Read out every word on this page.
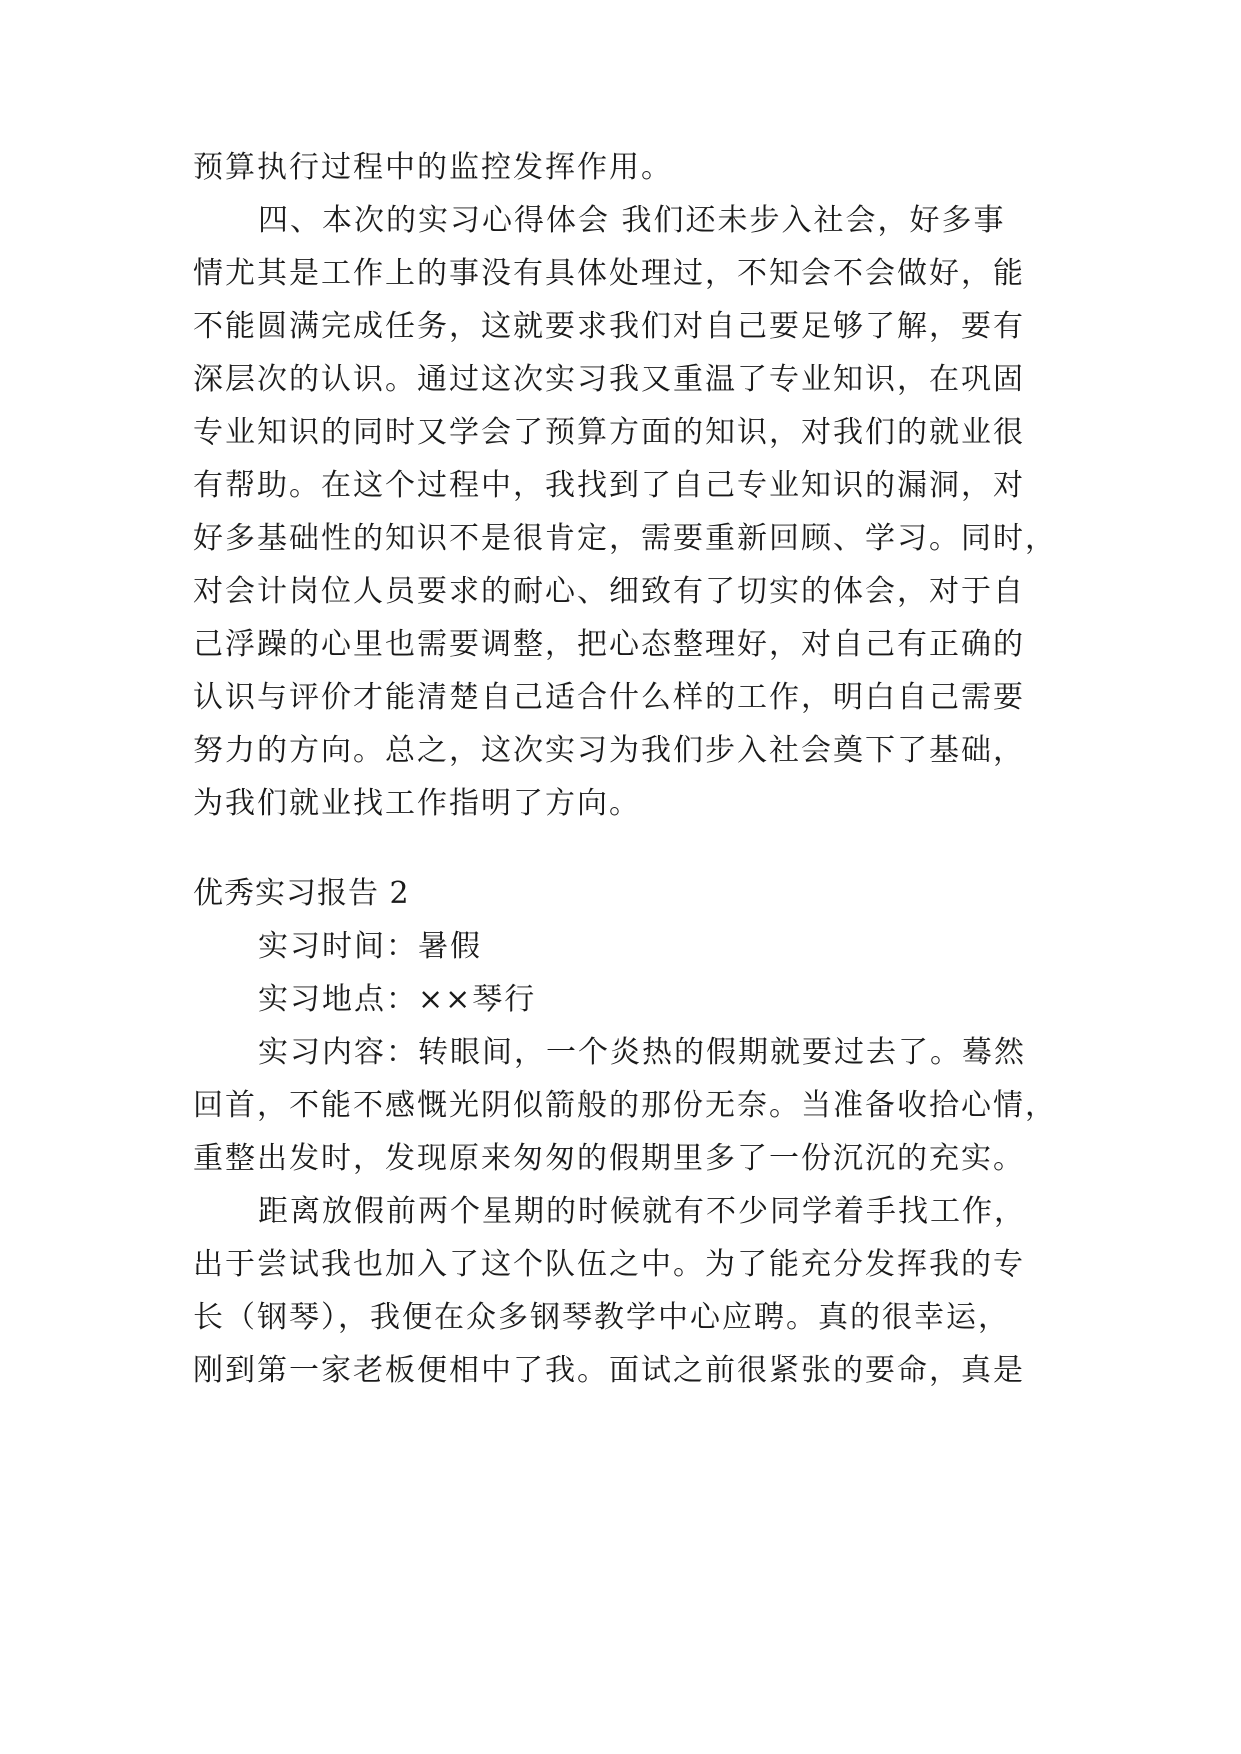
预算执行过程中的监控发挥作用。
四、本次的实习心得体会 我们还未步入社会，好多事
情尤其是工作上的事没有具体处理过，不知会不会做好，能
不能圆满完成任务，这就要求我们对自己要足够了解，要有
深层次的认识。通过这次实习我又重温了专业知识，在巩固
专业知识的同时又学会了预算方面的知识，对我们的就业很
有帮助。在这个过程中，我找到了自己专业知识的漏洞，对
好多基础性的知识不是很肯定，需要重新回顾、学习。同时，
对会计岗位人员要求的耐心、细致有了切实的体会，对于自
己浮躁的心里也需要调整，把心态整理好，对自己有正确的
认识与评价才能清楚自己适合什么样的工作，明白自己需要
努力的方向。总之，这次实习为我们步入社会奠下了基础，
为我们就业找工作指明了方向。
优秀实习报告 2
实习时间：暑假
实习地点：××琴行
实习内容：转眼间，一个炎热的假期就要过去了。蓦然
回首，不能不感慨光阴似箭般的那份无奈。当准备收拾心情，
重整出发时，发现原来匆匆的假期里多了一份沉沉的充实。
距离放假前两个星期的时候就有不少同学着手找工作，
出于尝试我也加入了这个队伍之中。为了能充分发挥我的专
长（钢琴），我便在众多钢琴教学中心应聘。真的很幸运，
刚到第一家老板便相中了我。面试之前很紧张的要命，真是
